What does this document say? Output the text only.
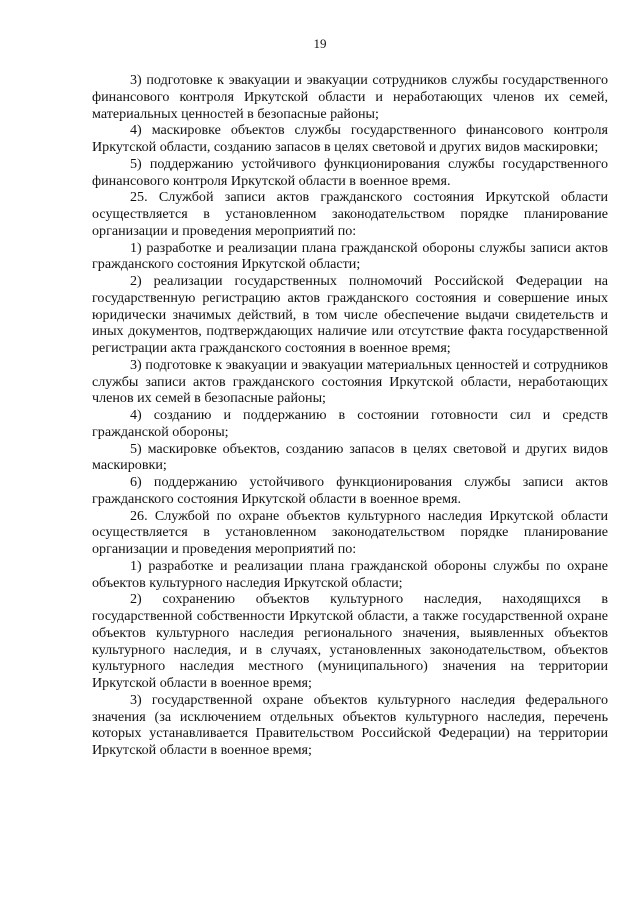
19

3) подготовке к эвакуации и эвакуации сотрудников службы государственного финансового контроля Иркутской области и неработающих членов их семей, материальных ценностей в безопасные районы;

4) маскировке объектов службы государственного финансового контроля Иркутской области, созданию запасов в целях световой и других видов маскировки;

5) поддержанию устойчивого функционирования службы государственного финансового контроля Иркутской области в военное время.

25. Службой записи актов гражданского состояния Иркутской области осуществляется в установленном законодательством порядке планирование организации и проведения мероприятий по:

1) разработке и реализации плана гражданской обороны службы записи актов гражданского состояния Иркутской области;

2) реализации государственных полномочий Российской Федерации на государственную регистрацию актов гражданского состояния и совершение иных юридически значимых действий, в том числе обеспечение выдачи свидетельств и иных документов, подтверждающих наличие или отсутствие факта государственной регистрации акта гражданского состояния в военное время;

3) подготовке к эвакуации и эвакуации материальных ценностей и сотрудников службы записи актов гражданского состояния Иркутской области, неработающих членов их семей в безопасные районы;

4) созданию и поддержанию в состоянии готовности сил и средств гражданской обороны;

5) маскировке объектов, созданию запасов в целях световой и других видов маскировки;

6) поддержанию устойчивого функционирования службы записи актов гражданского состояния Иркутской области в военное время.

26. Службой по охране объектов культурного наследия Иркутской области осуществляется в установленном законодательством порядке планирование организации и проведения мероприятий по:

1) разработке и реализации плана гражданской обороны службы по охране объектов культурного наследия Иркутской области;

2) сохранению объектов культурного наследия, находящихся в государственной собственности Иркутской области, а также государственной охране объектов культурного наследия регионального значения, выявленных объектов культурного наследия, и в случаях, установленных законодательством, объектов культурного наследия местного (муниципального) значения на территории Иркутской области в военное время;

3) государственной охране объектов культурного наследия федерального значения (за исключением отдельных объектов культурного наследия, перечень которых устанавливается Правительством Российской Федерации) на территории Иркутской области в военное время;
